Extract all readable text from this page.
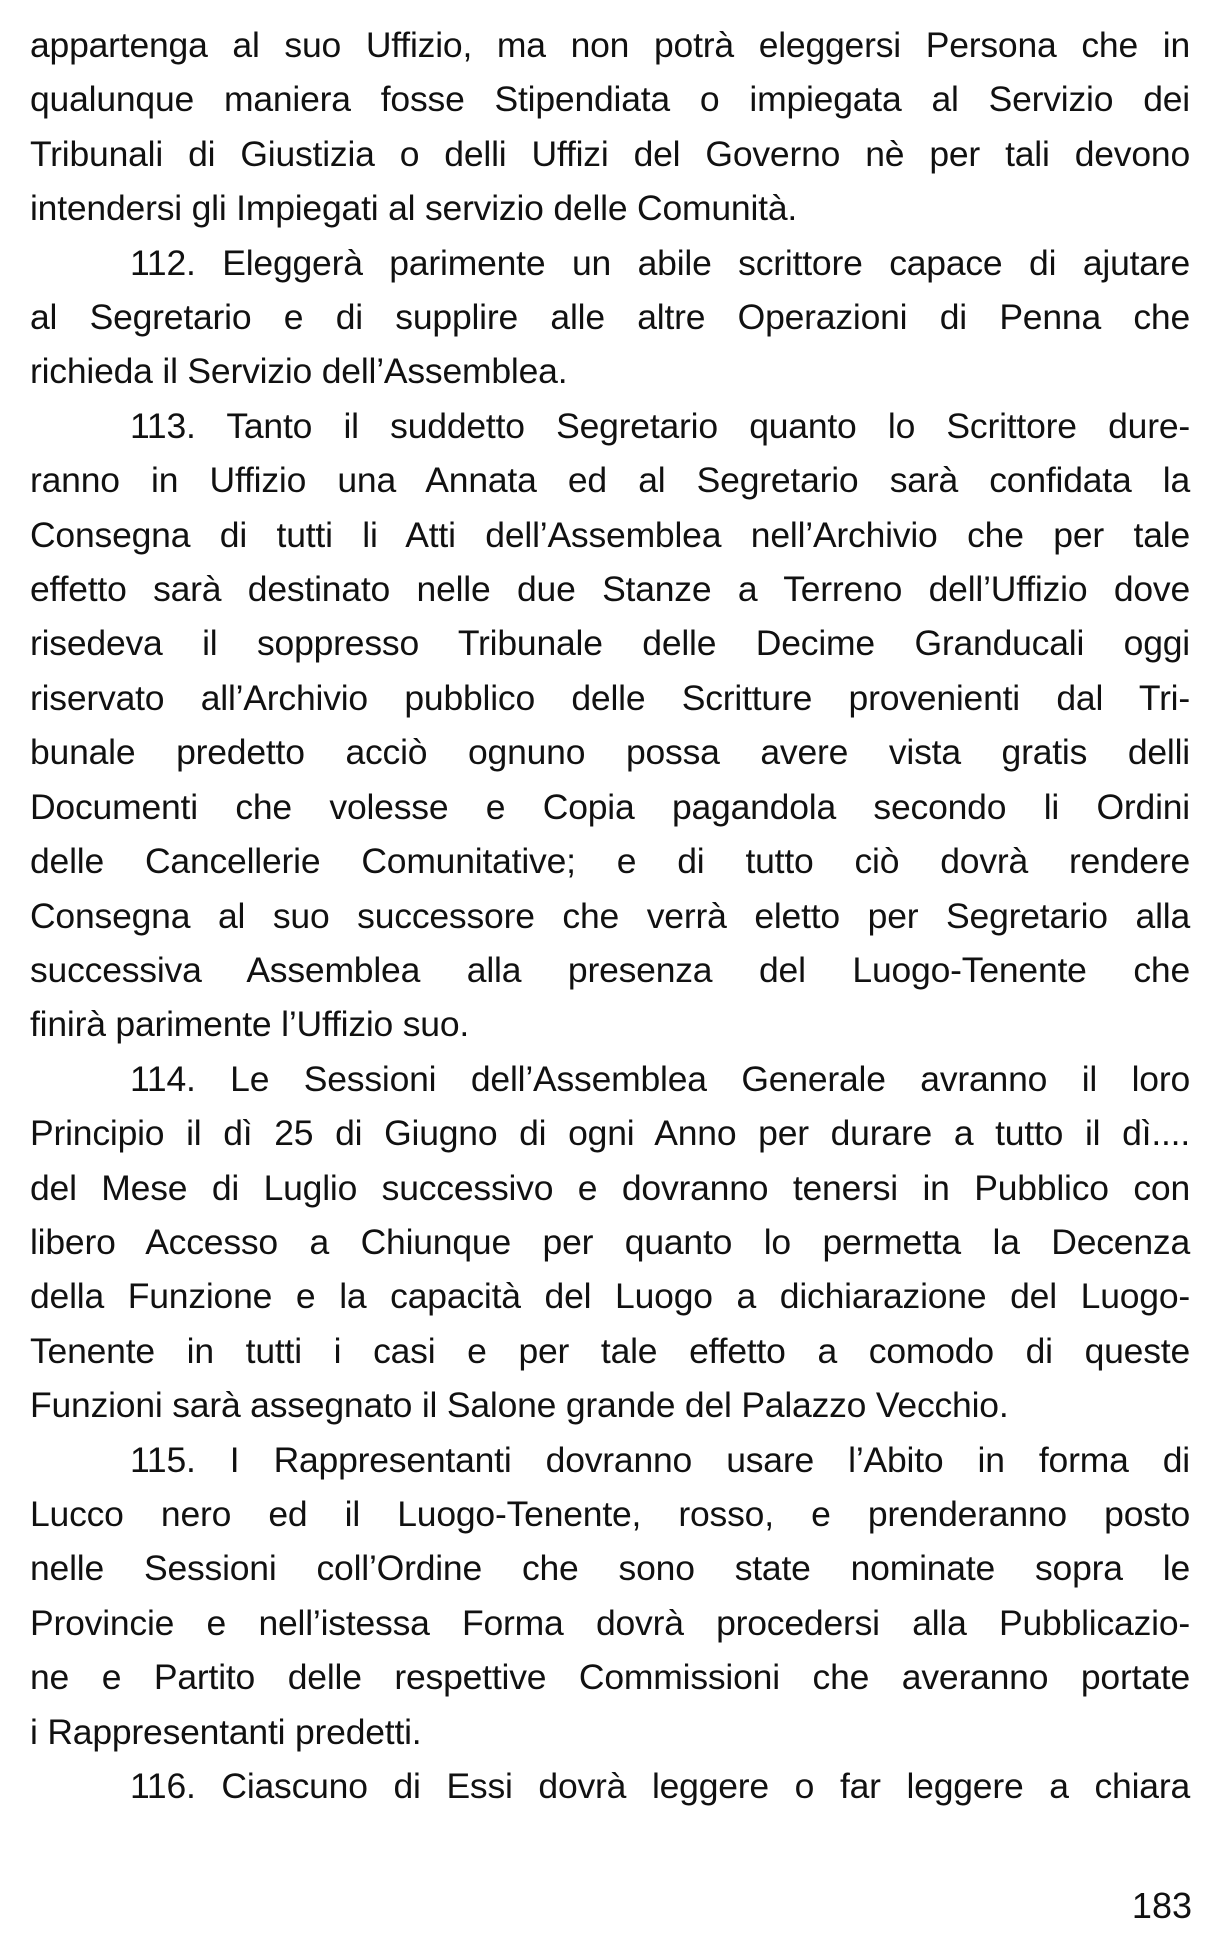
appartenga al suo Uffizio, ma non potrà eleggersi Persona che in
qualunque maniera fosse Stipendiata o impiegata al Servizio dei
Tribunali di Giustizia o delli Uffizi del Governo nè per tali devono
intendersi gli Impiegati al servizio delle Comunità.

112. Eleggerà parimente un abile scrittore capace di ajutare
al Segretario e di supplire alle altre Operazioni di Penna che
richieda il Servizio dell’Assemblea.

113. Tanto il suddetto Segretario quanto lo Scrittore dure-
ranno in Uffizio una Annata ed al Segretario sarà confidata la
Consegna di tutti li Atti dell’Assemblea nell’Archivio che per tale
effetto sarà destinato nelle due Stanze a Terreno dell’Uffizio dove
risedeva il soppresso Tribunale delle Decime Granducali oggi
riservato all’Archivio pubblico delle Scritture provenienti dal Tri-
bunale predetto acciò ognuno possa avere vista gratis delli
Documenti che volesse e Copia pagandola secondo li Ordini
delle Cancellerie Comunitative; e di tutto ciò dovrà rendere
Consegna al suo successore che verrà eletto per Segretario alla
successiva Assemblea alla presenza del Luogo-Tenente che
finirà parimente l’Uffizio suo.

114. Le Sessioni dell’Assemblea Generale avranno il loro
Principio il dì 25 di Giugno di ogni Anno per durare a tutto il dì....
del Mese di Luglio successivo e dovranno tenersi in Pubblico con
libero Accesso a Chiunque per quanto lo permetta la Decenza
della Funzione e la capacità del Luogo a dichiarazione del Luogo-
Tenente in tutti i casi e per tale effetto a comodo di queste
Funzioni sarà assegnato il Salone grande del Palazzo Vecchio.

115. I Rappresentanti dovranno usare l’Abito in forma di
Lucco nero ed il Luogo-Tenente, rosso, e prenderanno posto
nelle Sessioni coll’Ordine che sono state nominate sopra le
Provincie e nell’istessa Forma dovrà procedersi alla Pubblicazio-
ne e Partito delle respettive Commissioni che averanno portate
i Rappresentanti predetti.

116. Ciascuno di Essi dovrà leggere o far leggere a chiara

183
